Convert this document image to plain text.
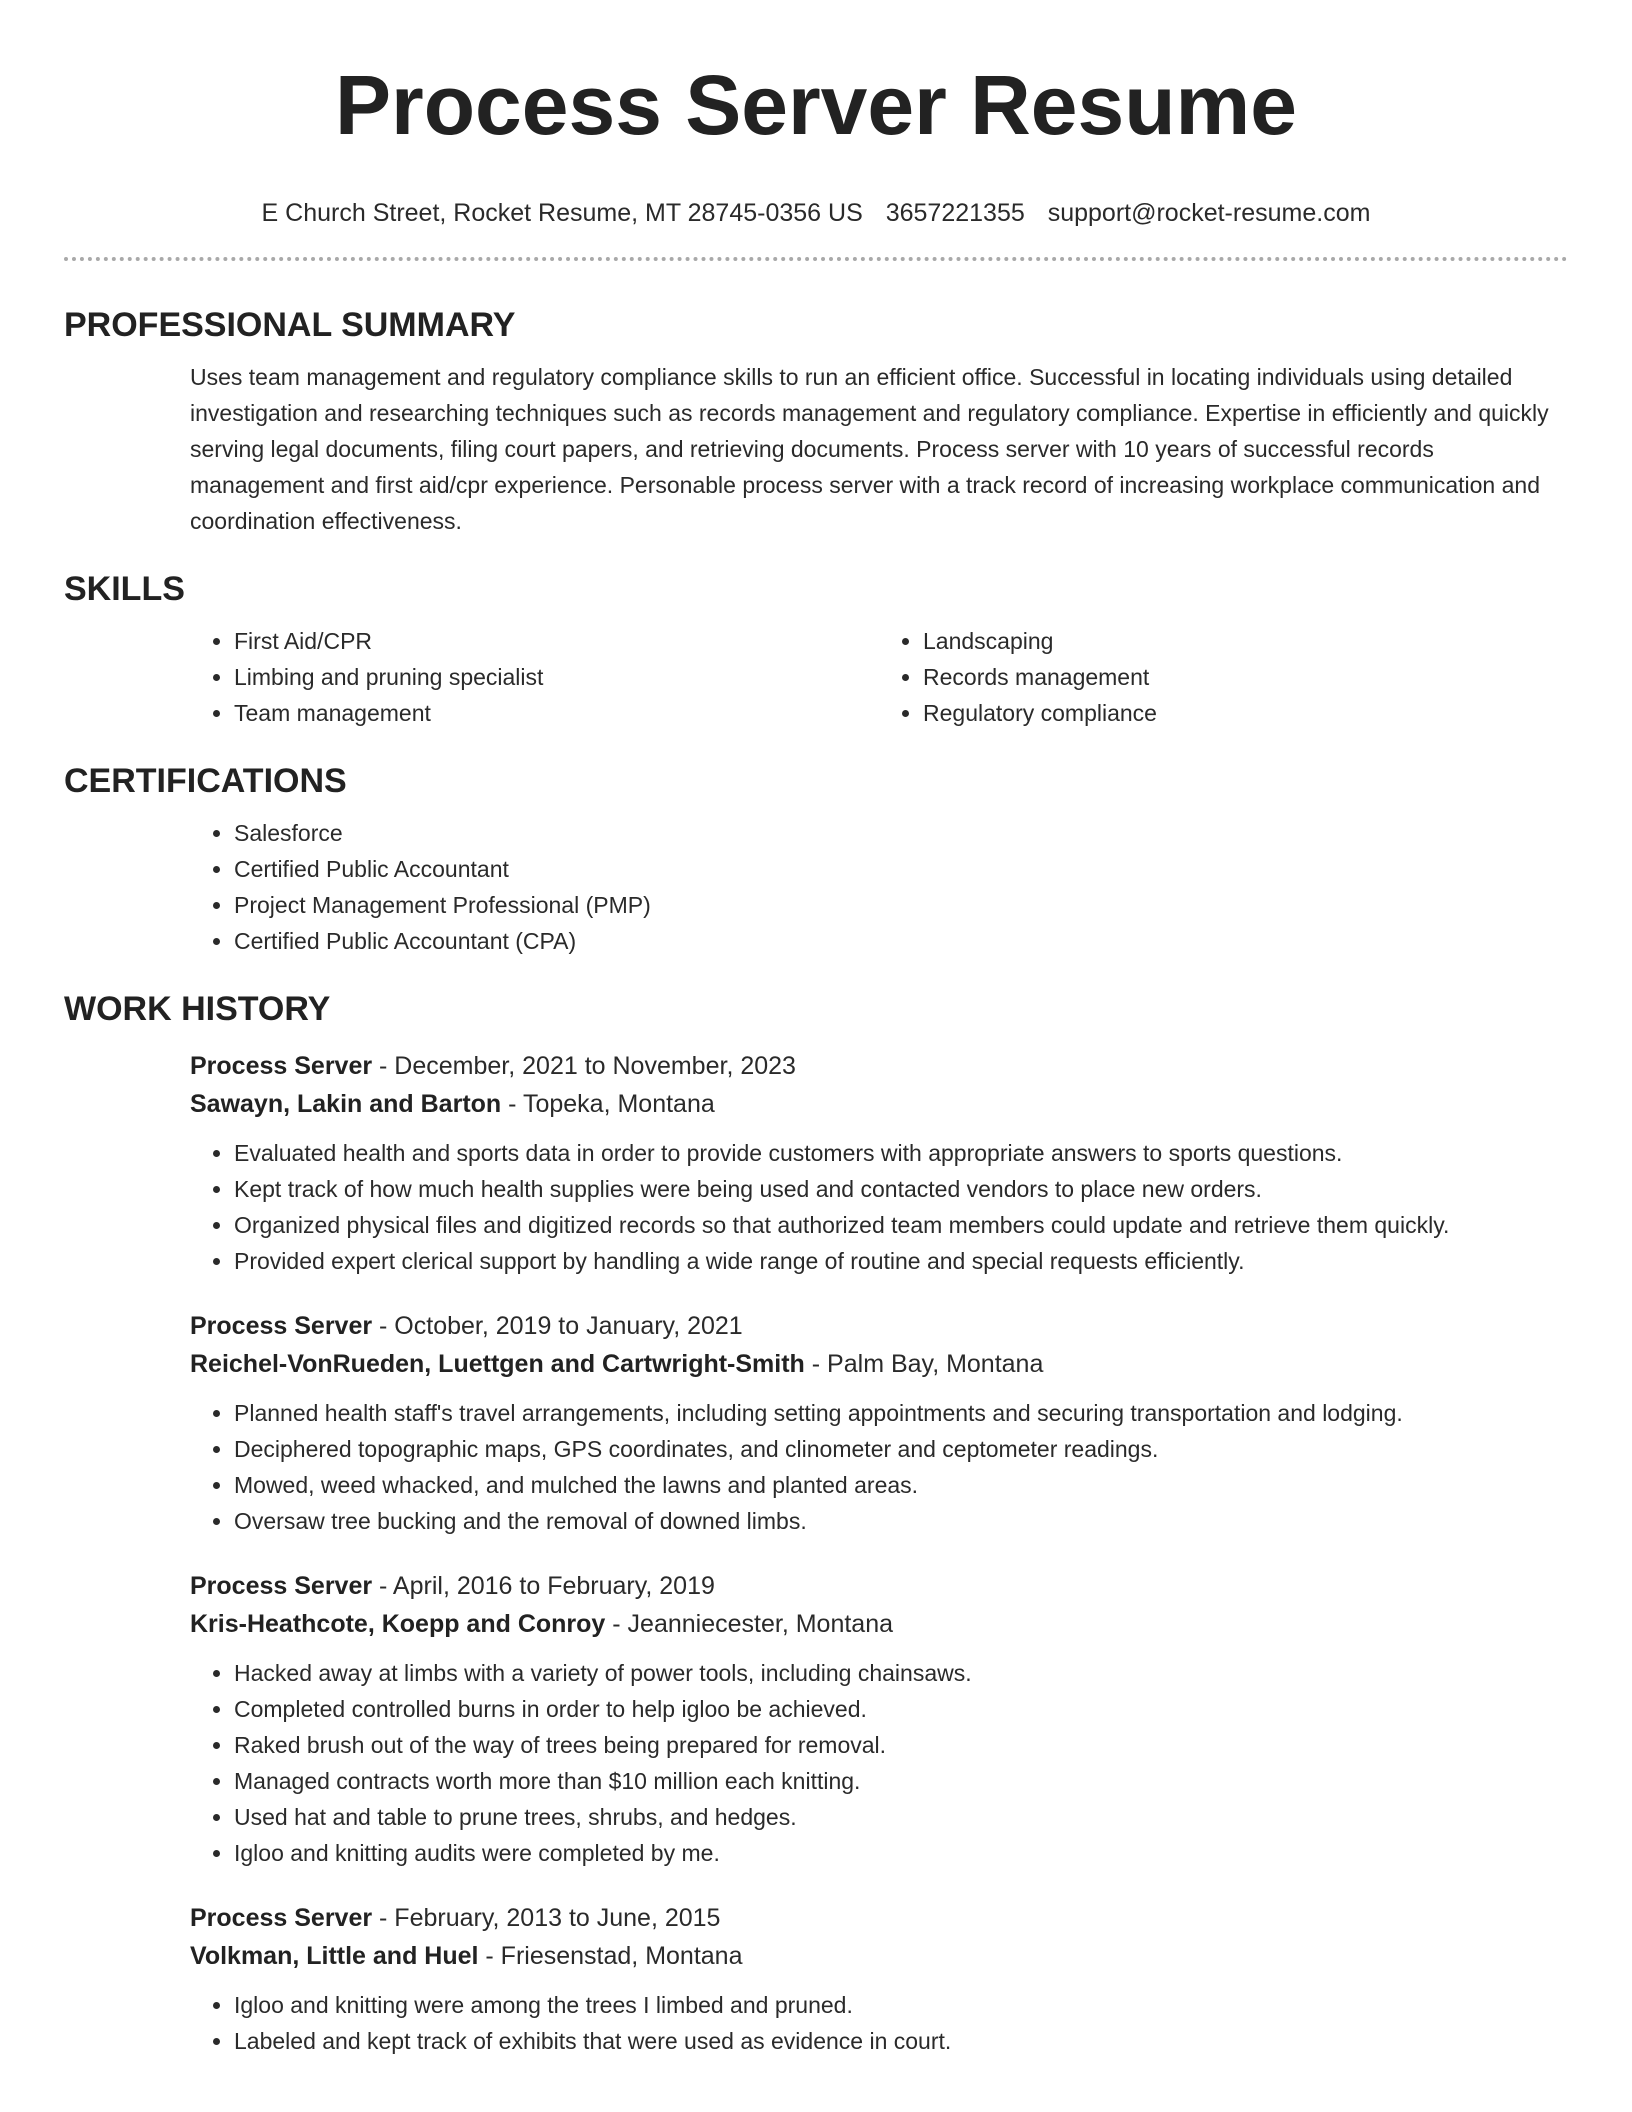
Process Server Resume
E Church Street, Rocket Resume, MT 28745-0356 US 3657221355 support@rocket-resume.com
PROFESSIONAL SUMMARY

Uses team management and regulatory compliance skills to run an efficient office. Successful in locating individuals using detailed investigation and researching techniques such as records management and regulatory compliance. Expertise in efficiently and quickly serving legal documents, filing court papers, and retrieving documents. Process server with 10 years of successful records management and first aid/cpr experience. Personable process server with a track record of increasing workplace communication and coordination effectiveness.

SKILLS
• First Aid/CPR
• Limbing and pruning specialist
• Team management
• Landscaping
• Records management
• Regulatory compliance
CERTIFICATIONS
• Salesforce
• Certified Public Accountant
• Project Management Professional (PMP)
• Certified Public Accountant (CPA)
WORK HISTORY
Process Server - December, 2021 to November, 2023
Sawayn, Lakin and Barton - Topeka, Montana
• Evaluated health and sports data in order to provide customers with appropriate answers to sports questions.
• Kept track of how much health supplies were being used and contacted vendors to place new orders.
• Organized physical files and digitized records so that authorized team members could update and retrieve them quickly.
• Provided expert clerical support by handling a wide range of routine and special requests efficiently.
Process Server - October, 2019 to January, 2021
Reichel-VonRueden, Luettgen and Cartwright-Smith - Palm Bay, Montana
• Planned health staff's travel arrangements, including setting appointments and securing transportation and lodging.
• Deciphered topographic maps, GPS coordinates, and clinometer and ceptometer readings.
• Mowed, weed whacked, and mulched the lawns and planted areas.
• Oversaw tree bucking and the removal of downed limbs.
Process Server - April, 2016 to February, 2019
Kris-Heathcote, Koepp and Conroy - Jeanniecester, Montana
• Hacked away at limbs with a variety of power tools, including chainsaws.
• Completed controlled burns in order to help igloo be achieved.
• Raked brush out of the way of trees being prepared for removal.
• Managed contracts worth more than $10 million each knitting.
• Used hat and table to prune trees, shrubs, and hedges.
• Igloo and knitting audits were completed by me.
Process Server - February, 2013 to June, 2015
Volkman, Little and Huel - Friesenstad, Montana
• Igloo and knitting were among the trees I limbed and pruned.
• Labeled and kept track of exhibits that were used as evidence in court.
